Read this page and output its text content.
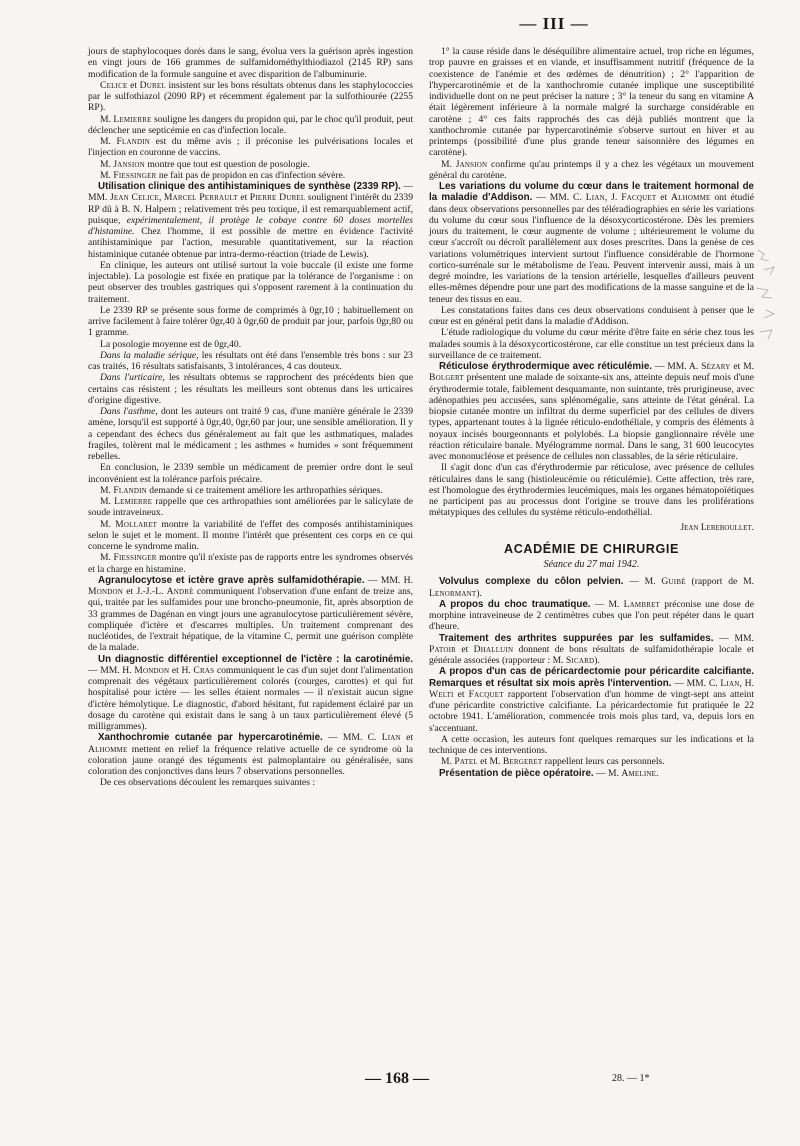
— III —

jours de staphylocoques dorés dans le sang, évolua vers la guérison après ingestion en vingt jours de 166 grammes de sulfamidométhylthiodiazol (2145 RP) sans modification de la formule sanguine et avec disparition de l'albuminurie.

Celice et Durel insistent sur les bons résultats obtenus dans les staphylococcies par le sulfothiazol (2090 RP) et récemment également par la sulfothiourée (2255 RP).

M. Lemierre souligne les dangers du propidon qui, par le choc qu'il produit, peut déclencher une septicémie en cas d'infection locale.

M. Flandin est du même avis ; il préconise les pulvérisations locales et l'injection en couronne de vaccins.

M. Jansion montre que tout est question de posologie.

M. Fiessinger ne fait pas de propidon en cas d'infection sévère.

Utilisation clinique des antihistaminiques de synthèse (2339 RP). — MM. Jean Celice, Marcel Perrault et Pierre Durel soulignent l'intérêt du 2339 RP dû à B. N. Halpern ; relativement très peu toxique, il est remarquablement actif, puisque, expérimentalement, il protège le cobaye contre 60 doses mortelles d'histamine. Chez l'homme, il est possible de mettre en évidence l'activité antihistaminique par l'action, mesurable quantitativement, sur la réaction histaminique cutanée obtenue par intra-dermo-réaction (triade de Lewis).

En clinique, les auteurs ont utilisé surtout la voie buccale (il existe une forme injectable). La posologie est fixée en pratique par la tolérance de l'organisme : on peut observer des troubles gastriques qui s'opposent rarement à la continuation du traitement.

Le 2339 RP se présente sous forme de comprimés à 0gr,10 ; habituellement on arrive facilement à faire tolérer 0gr,40 à 0gr,60 de produit par jour, parfois 0gr,80 ou 1 gramme.

La posologie moyenne est de 0gr,40.

Dans la maladie sérique, les résultats ont été dans l'ensemble très bons : sur 23 cas traités, 16 résultats satisfaisants, 3 intolérances, 4 cas douteux.

Dans l'urticaire, les résultats obtenus se rapprochent des précédents bien que certains cas résistent ; les résultats les meilleurs sont obtenus dans les urticaires d'origine digestive.

Dans l'asthme, dont les auteurs ont traité 9 cas, d'une manière générale le 2339 amène, lorsqu'il est supporté à 0gr,40, 0gr,60 par jour, une sensible amélioration. Il y a cependant des échecs dus généralement au fait que les asthmatiques, malades fragiles, tolèrent mal le médicament ; les asthmes « humides » sont fréquemment rebelles.

En conclusion, le 2339 semble un médicament de premier ordre dont le seul inconvénient est la tolérance parfois précaire.

M. Flandin demande si ce traitement améliore les arthropathies sériques.

M. Lemierre rappelle que ces arthropathies sont améliorées par le salicylate de soude intraveineux.

M. Mollaret montre la variabilité de l'effet des composés antihistaminiques selon le sujet et le moment. Il montre l'intérêt que présentent ces corps en ce qui concerne le syndrome malin.

M. Fiessinger montre qu'il n'existe pas de rapports entre les syndromes observés et la charge en histamine.

Agranulocytose et ictère grave après sulfamidothérapie. — MM. H. Mondon et J.-J.-L. André communiquent l'observation d'une enfant de treize ans, qui, traitée par les sulfamides pour une broncho-pneumonie, fit, après absorption de 33 grammes de Dagénan en vingt jours une agranulocytose particulièrement sévère, compliquée d'ictère et d'escarres multiples. Un traitement comprenant des nucléotides, de l'extrait hépatique, de la vitamine C, permit une guérison complète de la malade.

Un diagnostic différentiel exceptionnel de l'ictère : la carotinémie. — MM. H. Mondon et H. Cras communiquent le cas d'un sujet dont l'alimentation comprenait des végétaux particulièrement colorés (courges, carottes) et qui fut hospitalisé pour ictère — les selles étaient normales — il n'existait aucun signe d'ictère hémolytique. Le diagnostic, d'abord hésitant, fut rapidement éclairé par un dosage du carotène qui existait dans le sang à un taux particulièrement élevé (5 milligrammes).

Xanthochromie cutanée par hypercarotinémie. — MM. C. Lian et Alhomme mettent en relief la fréquence relative actuelle de ce syndrome où la coloration jaune orangé des téguments est palmoplantaire ou généralisée, sans coloration des conjonctives dans leurs 7 observations personnelles.

De ces observations découlent les remarques suivantes :

1° la cause réside dans le déséquilibre alimentaire actuel, trop riche en légumes, trop pauvre en graisses et en viande, et insuffisamment nutritif (fréquence de la coexistence de l'anémie et des œdèmes de dénutrition) ; 2° l'apparition de l'hypercarotinémie et de la xanthochromie cutanée implique une susceptibilité individuelle dont on ne peut préciser la nature ; 3° la teneur du sang en vitamine A était légèrement inférieure à la normale malgré la surcharge considérable en carotène ; 4° ces faits rapprochés des cas déjà publiés montrent que la xanthochromie cutanée par hypercarotinémie s'observe surtout en hiver et au printemps (possibilité d'une plus grande teneur saisonnière des légumes en carotène).

M. Jansion confirme qu'au printemps il y a chez les végétaux un mouvement général du carotène.

Les variations du volume du cœur dans le traitement hormonal de la maladie d'Addison. — MM. C. Lian, J. Facquet et Alhomme ont étudié dans deux observations personnelles par des téléradiographies en série les variations du volume du cœur sous l'influence de la désoxycorticostérone. Dès les premiers jours du traitement, le cœur augmente de volume ; ultérieurement le volume du cœur s'accroît ou décroît parallèlement aux doses prescrites. Dans la genèse de ces variations volumétriques intervient surtout l'influence considérable de l'hormone cortico-surrénale sur le métabolisme de l'eau. Peuvent intervenir aussi, mais à un degré moindre, les variations de la tension artérielle, lesquelles d'ailleurs peuvent elles-mêmes dépendre pour une part des modifications de la masse sanguine et de la teneur des tissus en eau.

Les constatations faites dans ces deux observations conduisent à penser que le cœur est en général petit dans la maladie d'Addison.

L'étude radiologique du volume du cœur mérite d'être faite en série chez tous les malades soumis à la désoxycorticostérone, car elle constitue un test précieux dans la surveillance de ce traitement.

Réticulose érythrodermique avec réticulémie. — MM. A. Sézary et M. Bolgert présentent une malade de soixante-six ans, atteinte depuis neuf mois d'une érythrodermie totale, faiblement desquamante, non suintante, très prurigineuse, avec adénopathies peu accusées, sans splénomégalie, sans atteinte de l'état général. La biopsie cutanée montre un infiltrat du derme superficiel par des cellules de divers types, appartenant toutes à la lignée réticulo-endothéliale, y compris des éléments à noyaux incisés bourgeonnants et polylobés. La biopsie ganglionnaire révèle une réaction réticulaire banale. Myélogramme normal. Dans le sang, 31 600 leucocytes avec mononucléose et présence de cellules non classables, de la série réticulaire.

Il s'agit donc d'un cas d'érythrodermie par réticulose, avec présence de cellules réticulaires dans le sang (histioleucémie ou réticulémie). Cette affection, très rare, est l'homologue des érythrodermies leucémiques, mais les organes hématopoïétiques ne participent pas au processus dont l'origine se trouve dans les proliférations métatypiques des cellules du système réticulo-endothélial.

Jean Lereboullet.
ACADÉMIE DE CHIRURGIE
Séance du 27 mai 1942.

Volvulus complexe du côlon pelvien. — M. Guibé (rapport de M. Lenormant).

A propos du choc traumatique. — M. Lambret préconise une dose de morphine intraveineuse de 2 centimètres cubes que l'on peut répéter dans le quart d'heure.

Traitement des arthrites suppurées par les sulfamides. — MM. Patoir et Dhalluin donnent de bons résultats de sulfamidothérapie locale et générale associées (rapporteur : M. Sicard).

A propos d'un cas de péricardectomie pour péricardite calcifiante. Remarques et résultat six mois après l'intervention. — MM. C. Lian, H. Welti et Facquet rapportent l'observation d'un homme de vingt-sept ans atteint d'une péricardite constrictive calcifiante. La péricardectomie fut pratiquée le 22 octobre 1941. L'amélioration, commencée trois mois plus tard, va, depuis lors en s'accentuant.

A cette occasion, les auteurs font quelques remarques sur les indications et la technique de ces interventions.

M. Patel et M. Bergeret rappellent leurs cas personnels.

Présentation de pièce opératoire. — M. Ameline.

— 168 —	28. — 1*
